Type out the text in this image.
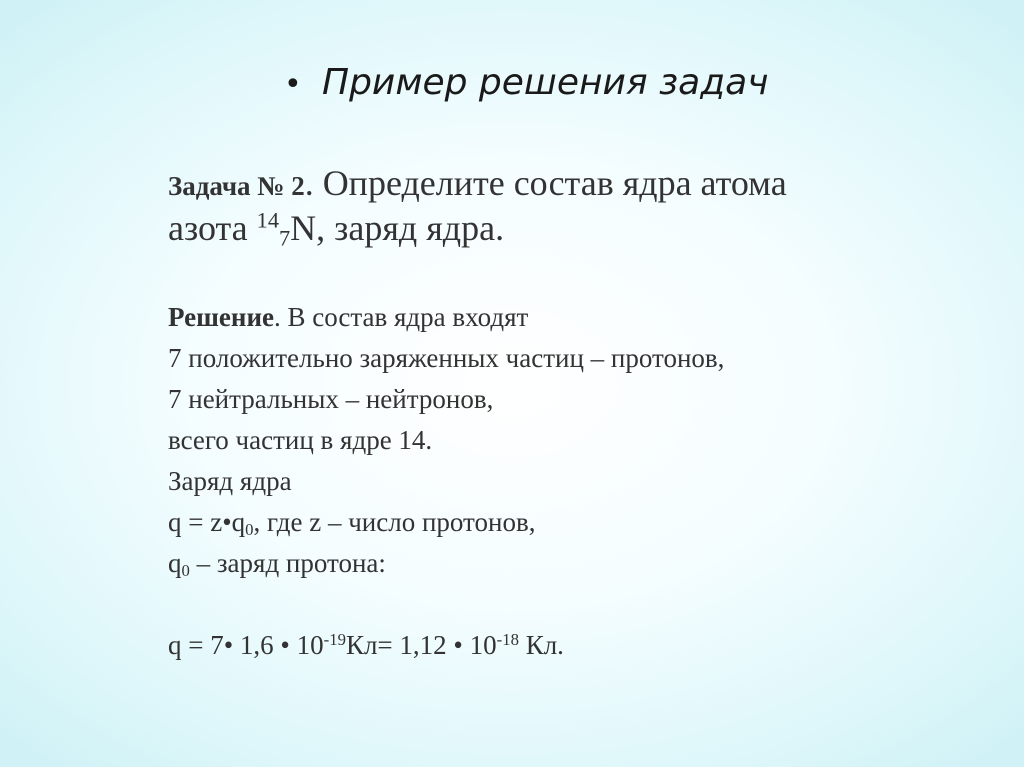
• Пример решения задач
Задача № 2. Определите состав ядра атома
азота $^{14}_7$N, заряд ядра.
Решение. В состав ядра входят
7 положительно заряженных частиц – протонов,
7 нейтральных – нейтронов,
всего частиц в ядре 14.
Заряд ядра
$q = z•q_0$, где z – число протонов,
$q_0$ – заряд протона:
q = 7• 1,6 • $10^{-19}Кл= 1,12$ • $10^{-18}$ Кл.
